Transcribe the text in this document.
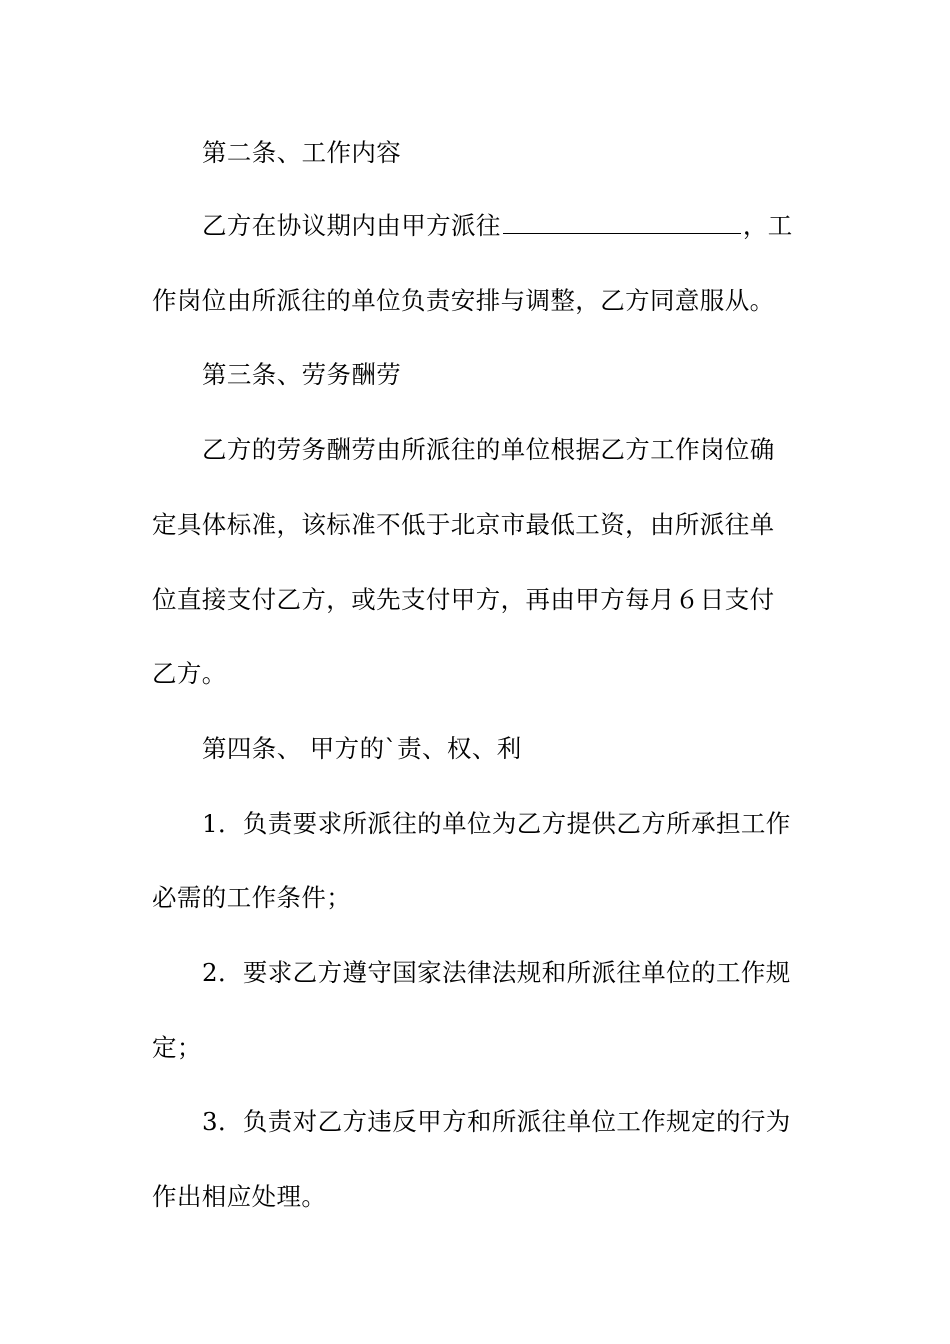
第二条、工作内容
乙方在协议期内由甲方派往	，工
作岗位由所派往的单位负责安排与调整，乙方同意服从。
第三条、劳务酬劳
乙方的劳务酬劳由所派往的单位根据乙方工作岗位确
定具体标准，该标准不低于北京市最低工资，由所派往单
位直接支付乙方，或先支付甲方，再由甲方每月６日支付
乙方。
第四条、 甲方的`责、权、利
1．负责要求所派往的单位为乙方提供乙方所承担工作
必需的工作条件；
2．要求乙方遵守国家法律法规和所派往单位的工作规
定；
3．负责对乙方违反甲方和所派往单位工作规定的行为
作出相应处理。
